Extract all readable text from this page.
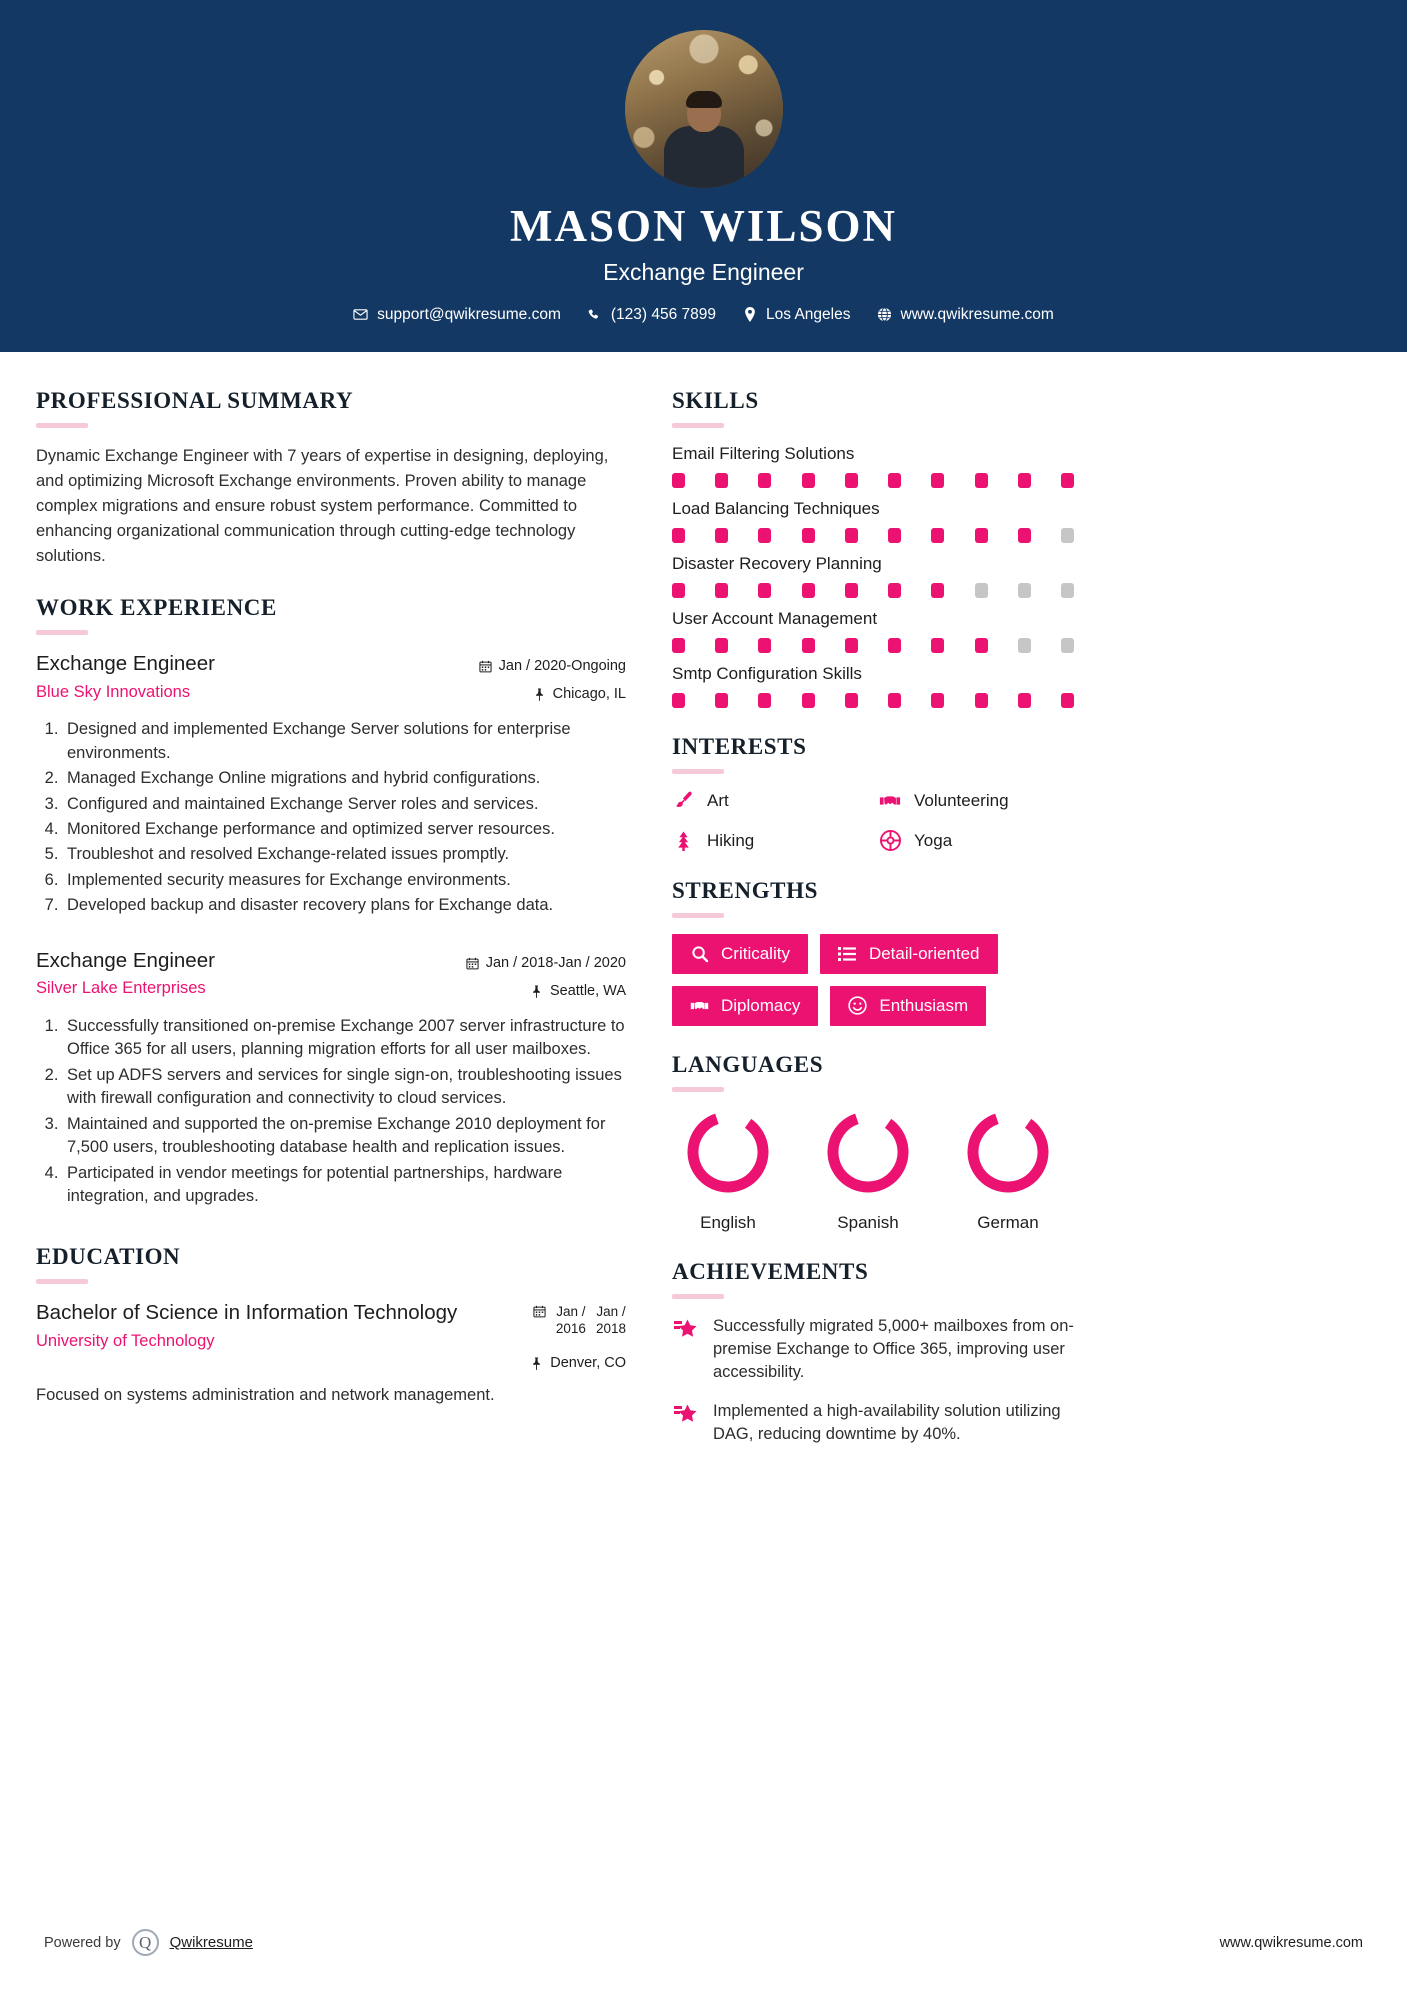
MASON WILSON
Exchange Engineer
support@qwikresume.com	(123) 456 7899	Los Angeles	www.qwikresume.com
PROFESSIONAL SUMMARY

Dynamic Exchange Engineer with 7 years of expertise in designing, deploying, and optimizing Microsoft Exchange environments. Proven ability to manage complex migrations and ensure robust system performance. Committed to enhancing organizational communication through cutting-edge technology solutions.

WORK EXPERIENCE
Exchange Engineer
Blue Sky Innovations
Jan / 2020-Ongoing
Chicago, IL
1. Designed and implemented Exchange Server solutions for enterprise environments.
2. Managed Exchange Online migrations and hybrid configurations.
3. Configured and maintained Exchange Server roles and services.
4. Monitored Exchange performance and optimized server resources.
5. Troubleshot and resolved Exchange-related issues promptly.
6. Implemented security measures for Exchange environments.
7. Developed backup and disaster recovery plans for Exchange data.
Exchange Engineer
Silver Lake Enterprises
Jan / 2018-Jan / 2020
Seattle, WA
1. Successfully transitioned on-premise Exchange 2007 server infrastructure to Office 365 for all users, planning migration efforts for all user mailboxes.
2. Set up ADFS servers and services for single sign-on, troubleshooting issues with firewall configuration and connectivity to cloud services.
3. Maintained and supported the on-premise Exchange 2010 deployment for 7,500 users, troubleshooting database health and replication issues.
4. Participated in vendor meetings for potential partnerships, hardware integration, and upgrades.
EDUCATION
Bachelor of Science in Information Technology
University of Technology
Jan /
2016
Jan /
2018
Denver, CO
Focused on systems administration and network management.
SKILLS
Email Filtering Solutions
Load Balancing Techniques
Disaster Recovery Planning
User Account Management
Smtp Configuration Skills
INTERESTS
Art	Volunteering
Hiking	Yoga
STRENGTHS
Criticality	Detail-oriented
Diplomacy	Enthusiasm
LANGUAGES
English	Spanish	German
ACHIEVEMENTS
Successfully migrated 5,000+ mailboxes from on-premise Exchange to Office 365, improving user accessibility.
Implemented a high-availability solution utilizing DAG, reducing downtime by 40%.
Powered by	Q	Qwikresume	www.qwikresume.com
